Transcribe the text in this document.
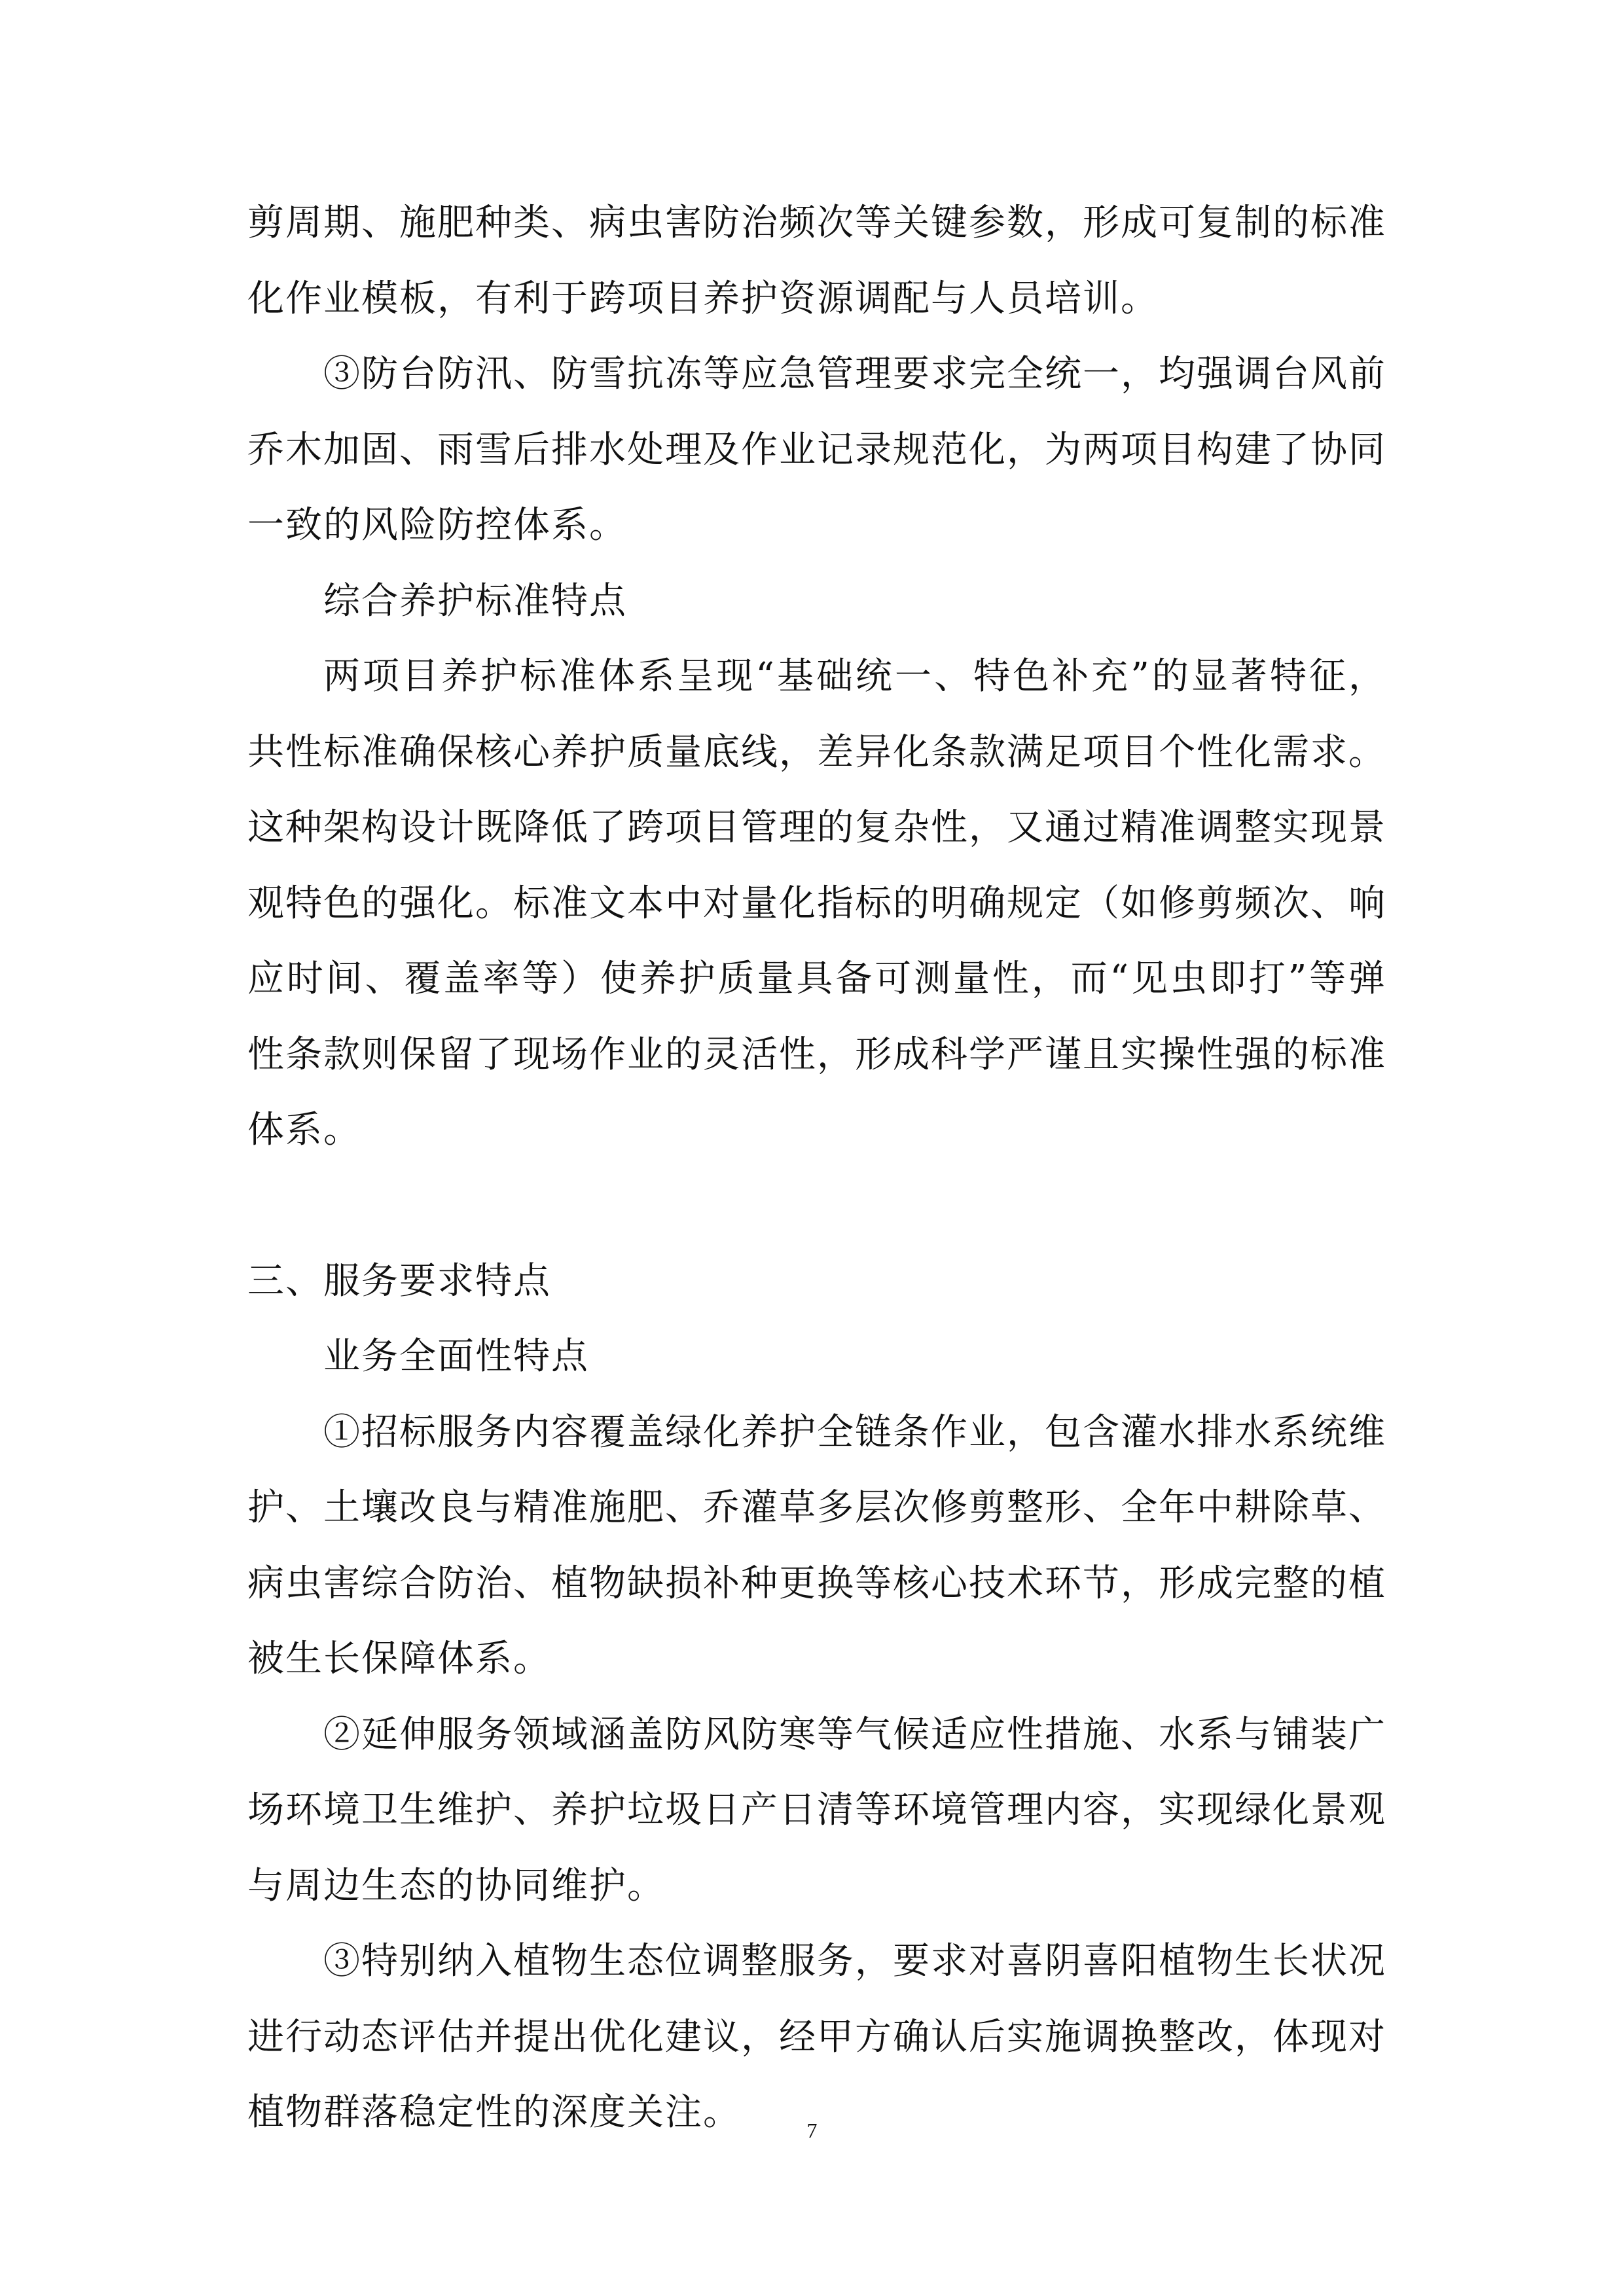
剪周期、施肥种类、病虫害防治频次等关键参数，形成可复制的标准化作业模板，有利于跨项目养护资源调配与人员培训。

③防台防汛、防雪抗冻等应急管理要求完全统一，均强调台风前乔木加固、雨雪后排水处理及作业记录规范化，为两项目构建了协同一致的风险防控体系。

综合养护标准特点

两项目养护标准体系呈现“基础统一、特色补充”的显著特征，共性标准确保核心养护质量底线，差异化条款满足项目个性化需求。这种架构设计既降低了跨项目管理的复杂性，又通过精准调整实现景观特色的强化。标准文本中对量化指标的明确规定（如修剪频次、响应时间、覆盖率等）使养护质量具备可测量性，而“见虫即打”等弹性条款则保留了现场作业的灵活性，形成科学严谨且实操性强的标准体系。

三、服务要求特点

业务全面性特点

①招标服务内容覆盖绿化养护全链条作业，包含灌水排水系统维护、土壤改良与精准施肥、乔灌草多层次修剪整形、全年中耕除草、病虫害综合防治、植物缺损补种更换等核心技术环节，形成完整的植被生长保障体系。

②延伸服务领域涵盖防风防寒等气候适应性措施、水系与铺装广场环境卫生维护、养护垃圾日产日清等环境管理内容，实现绿化景观与周边生态的协同维护。

③特别纳入植物生态位调整服务，要求对喜阴喜阳植物生长状况进行动态评估并提出优化建议，经甲方确认后实施调换整改，体现对植物群落稳定性的深度关注。	7
